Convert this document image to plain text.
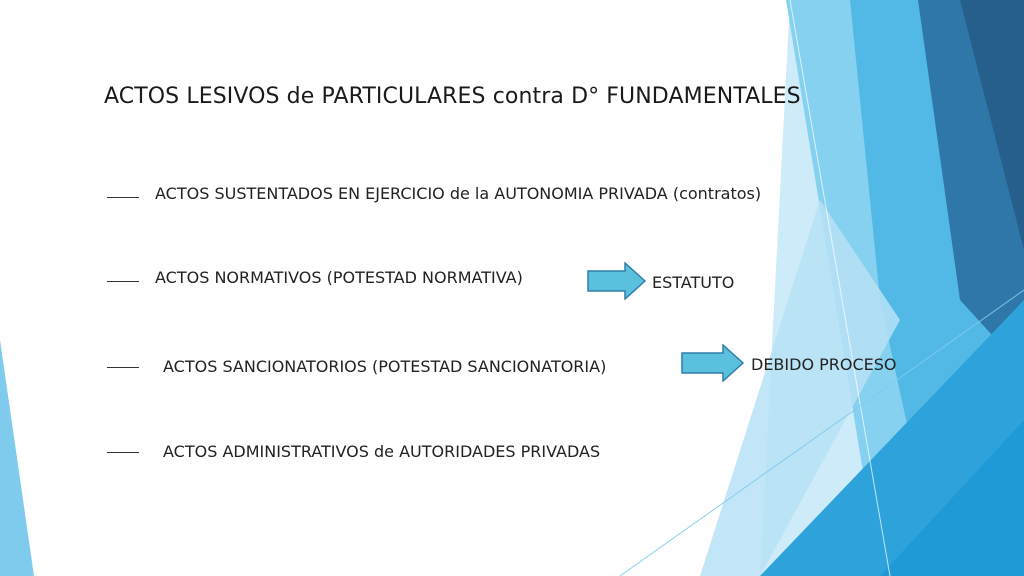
ACTOS LESIVOS de PARTICULARES contra D° FUNDAMENTALES
ACTOS SUSTENTADOS EN EJERCICIO de la AUTONOMIA PRIVADA (contratos)
ACTOS NORMATIVOS (POTESTAD NORMATIVA)	ESTATUTO
ACTOS SANCIONATORIOS (POTESTAD SANCIONATORIA)	DEBIDO PROCESO
ACTOS ADMINISTRATIVOS de AUTORIDADES PRIVADAS
